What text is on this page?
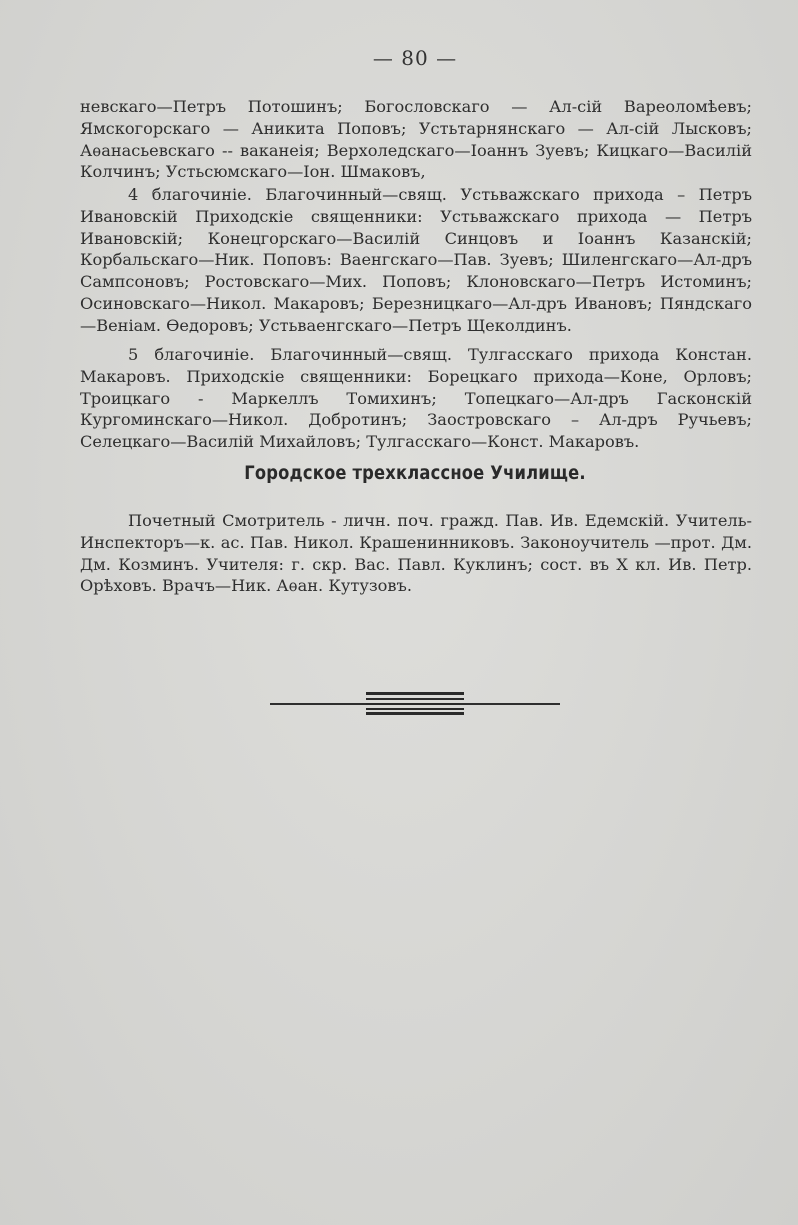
— 80 —

невскаго—Петръ Потошинъ; Богословскаго — Ал-сій Вареоломѣевъ; Ямскогорскаго — Аникита Поповъ; Устьтарнянскаго — Ал-сій Лысковъ; Аѳанасьевскаго -- ваканеія; Верхоледскаго—Іоаннъ Зуевъ; Кицкаго—Василій Колчинъ; Устьсюмскаго—Іон. Шмаковъ,

4 благочиніе. Благочинный—свящ. Устьважскаго прихода – Петръ Ивановскій Приходскіе священники: Устьважскаго прихода — Петръ Ивановскій; Конецгорскаго—Василій Синцовъ и Іоаннъ Казанскій; Корбальскаго—Ник. Поповъ: Ваенгскаго—Пав. Зуевъ; Шиленгскаго—Ал-дръ Сампсоновъ; Ростовскаго—Мих. Поповъ; Клоновскаго—Петръ Истоминъ; Осиновскаго—Никол. Макаровъ; Березницкаго—Ал-дръ Ивановъ; Пяндскаго—Веніам. Ѳедоровъ; Устьваенгскаго—Петръ Щеколдинъ.

5 благочиніе. Благочинный—свящ. Тулгасскаго прихода Констан. Макаровъ. Приходскіе священники: Борецкаго прихода—Коне, Орловъ; Троицкаго - Маркеллъ Томихинъ; Топецкаго—Ал-дръ Гасконскій Кургоминскаго—Никол. Добротинъ; Заостровскаго – Ал-дръ Ручьевъ; Селецкаго—Василій Михайловъ; Тулгасскаго—Конст. Макаровъ.

Городское трехклассное Училище.

Почетный Смотритель - личн. поч. гражд. Пав. Ив. Едемскій. Учитель-Инспекторъ—к. ас. Пав. Никол. Крашенинниковъ. Законоучитель —прот. Дм. Дм. Козминъ. Учителя: г. скр. Вас. Павл. Куклинъ; сост. въ X кл. Ив. Петр. Орѣховъ. Врачъ—Ник. Аѳан. Кутузовъ.
